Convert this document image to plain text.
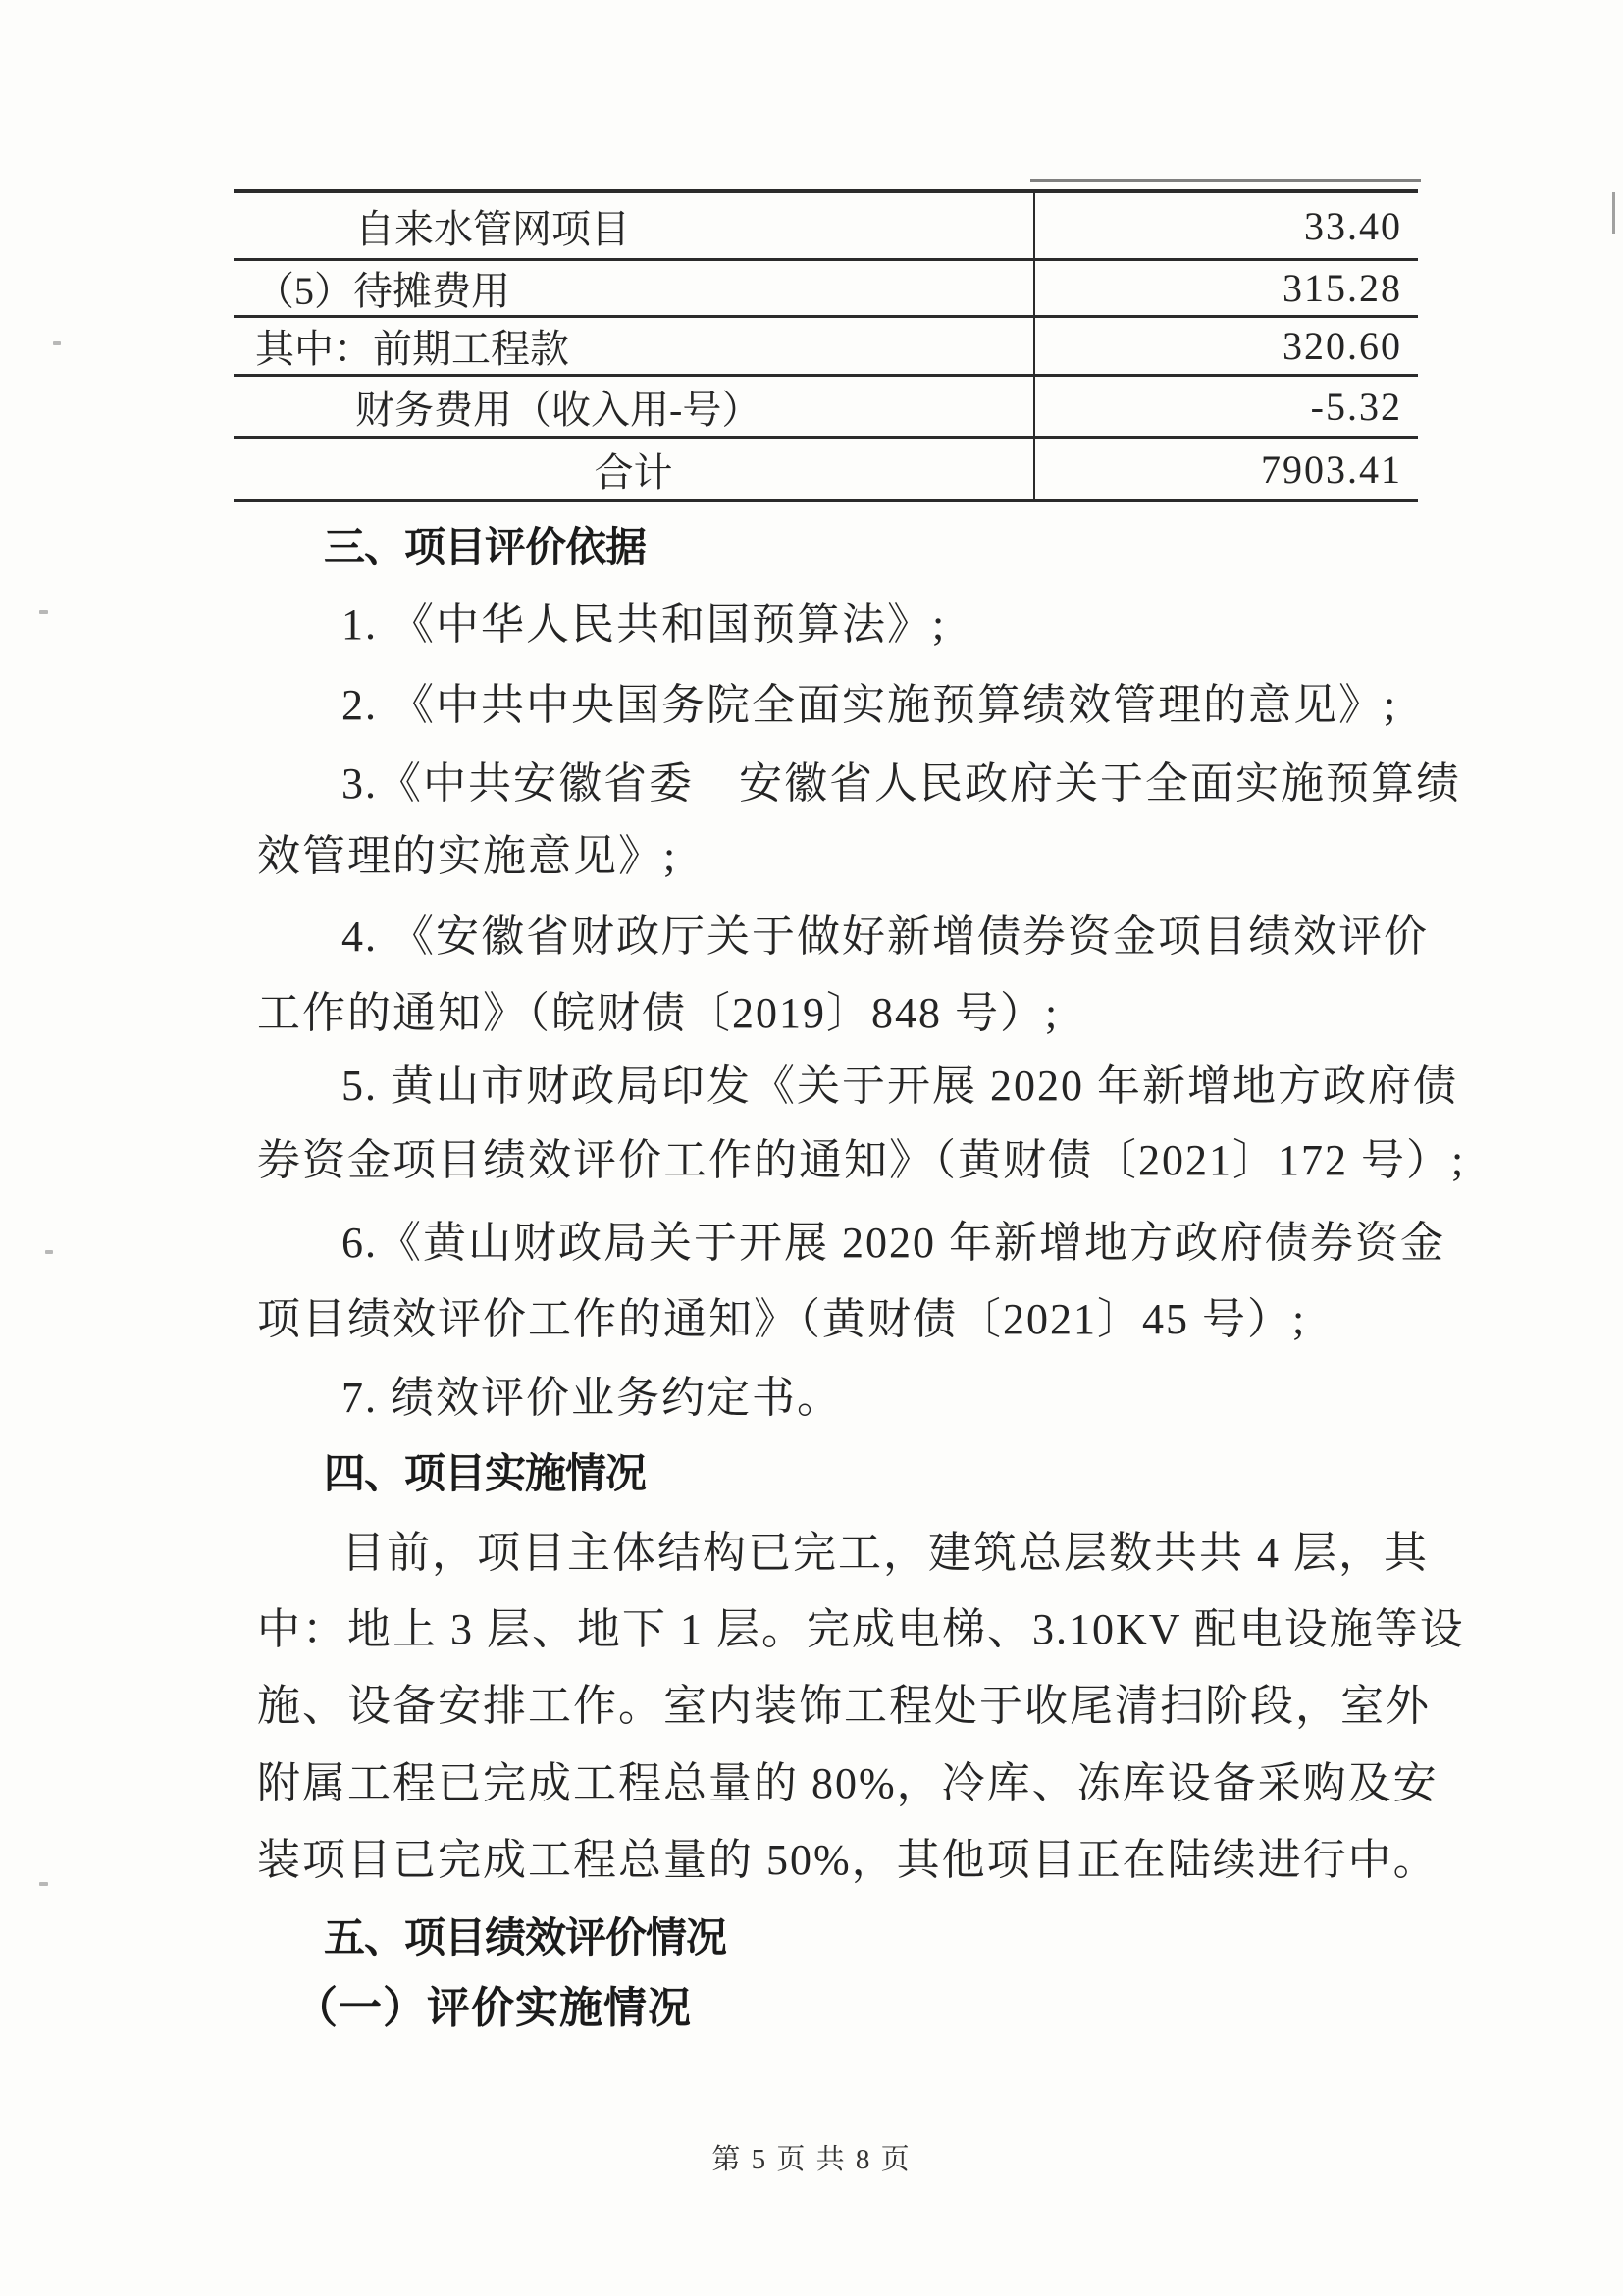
自来水管网项目	33.40
（5）待摊费用	315.28
其中：前期工程款	320.60
财务费用（收入用-号）	-5.32
合计	7903.41
三、项目评价依据
1. 《中华人民共和国预算法》;
2. 《中共中央国务院全面实施预算绩效管理的意见》;
3.《中共安徽省委　安徽省人民政府关于全面实施预算绩
效管理的实施意见》;
4. 《安徽省财政厅关于做好新增债券资金项目绩效评价
工作的通知》（皖财债〔2019〕848 号）;
5. 黄山市财政局印发《关于开展 2020 年新增地方政府债
券资金项目绩效评价工作的通知》（黄财债〔2021〕172 号）;
6.《黄山财政局关于开展 2020 年新增地方政府债券资金
项目绩效评价工作的通知》（黄财债〔2021〕45 号）;
7. 绩效评价业务约定书。
四、项目实施情况
目前，项目主体结构已完工，建筑总层数共共 4 层，其
中：地上 3 层、地下 1 层。完成电梯、3.10KV 配电设施等设
施、设备安排工作。室内装饰工程处于收尾清扫阶段，室外
附属工程已完成工程总量的 80%，冷库、冻库设备采购及安
装项目已完成工程总量的 50%，其他项目正在陆续进行中。
五、项目绩效评价情况
（一）评价实施情况
第 5 页 共 8 页
